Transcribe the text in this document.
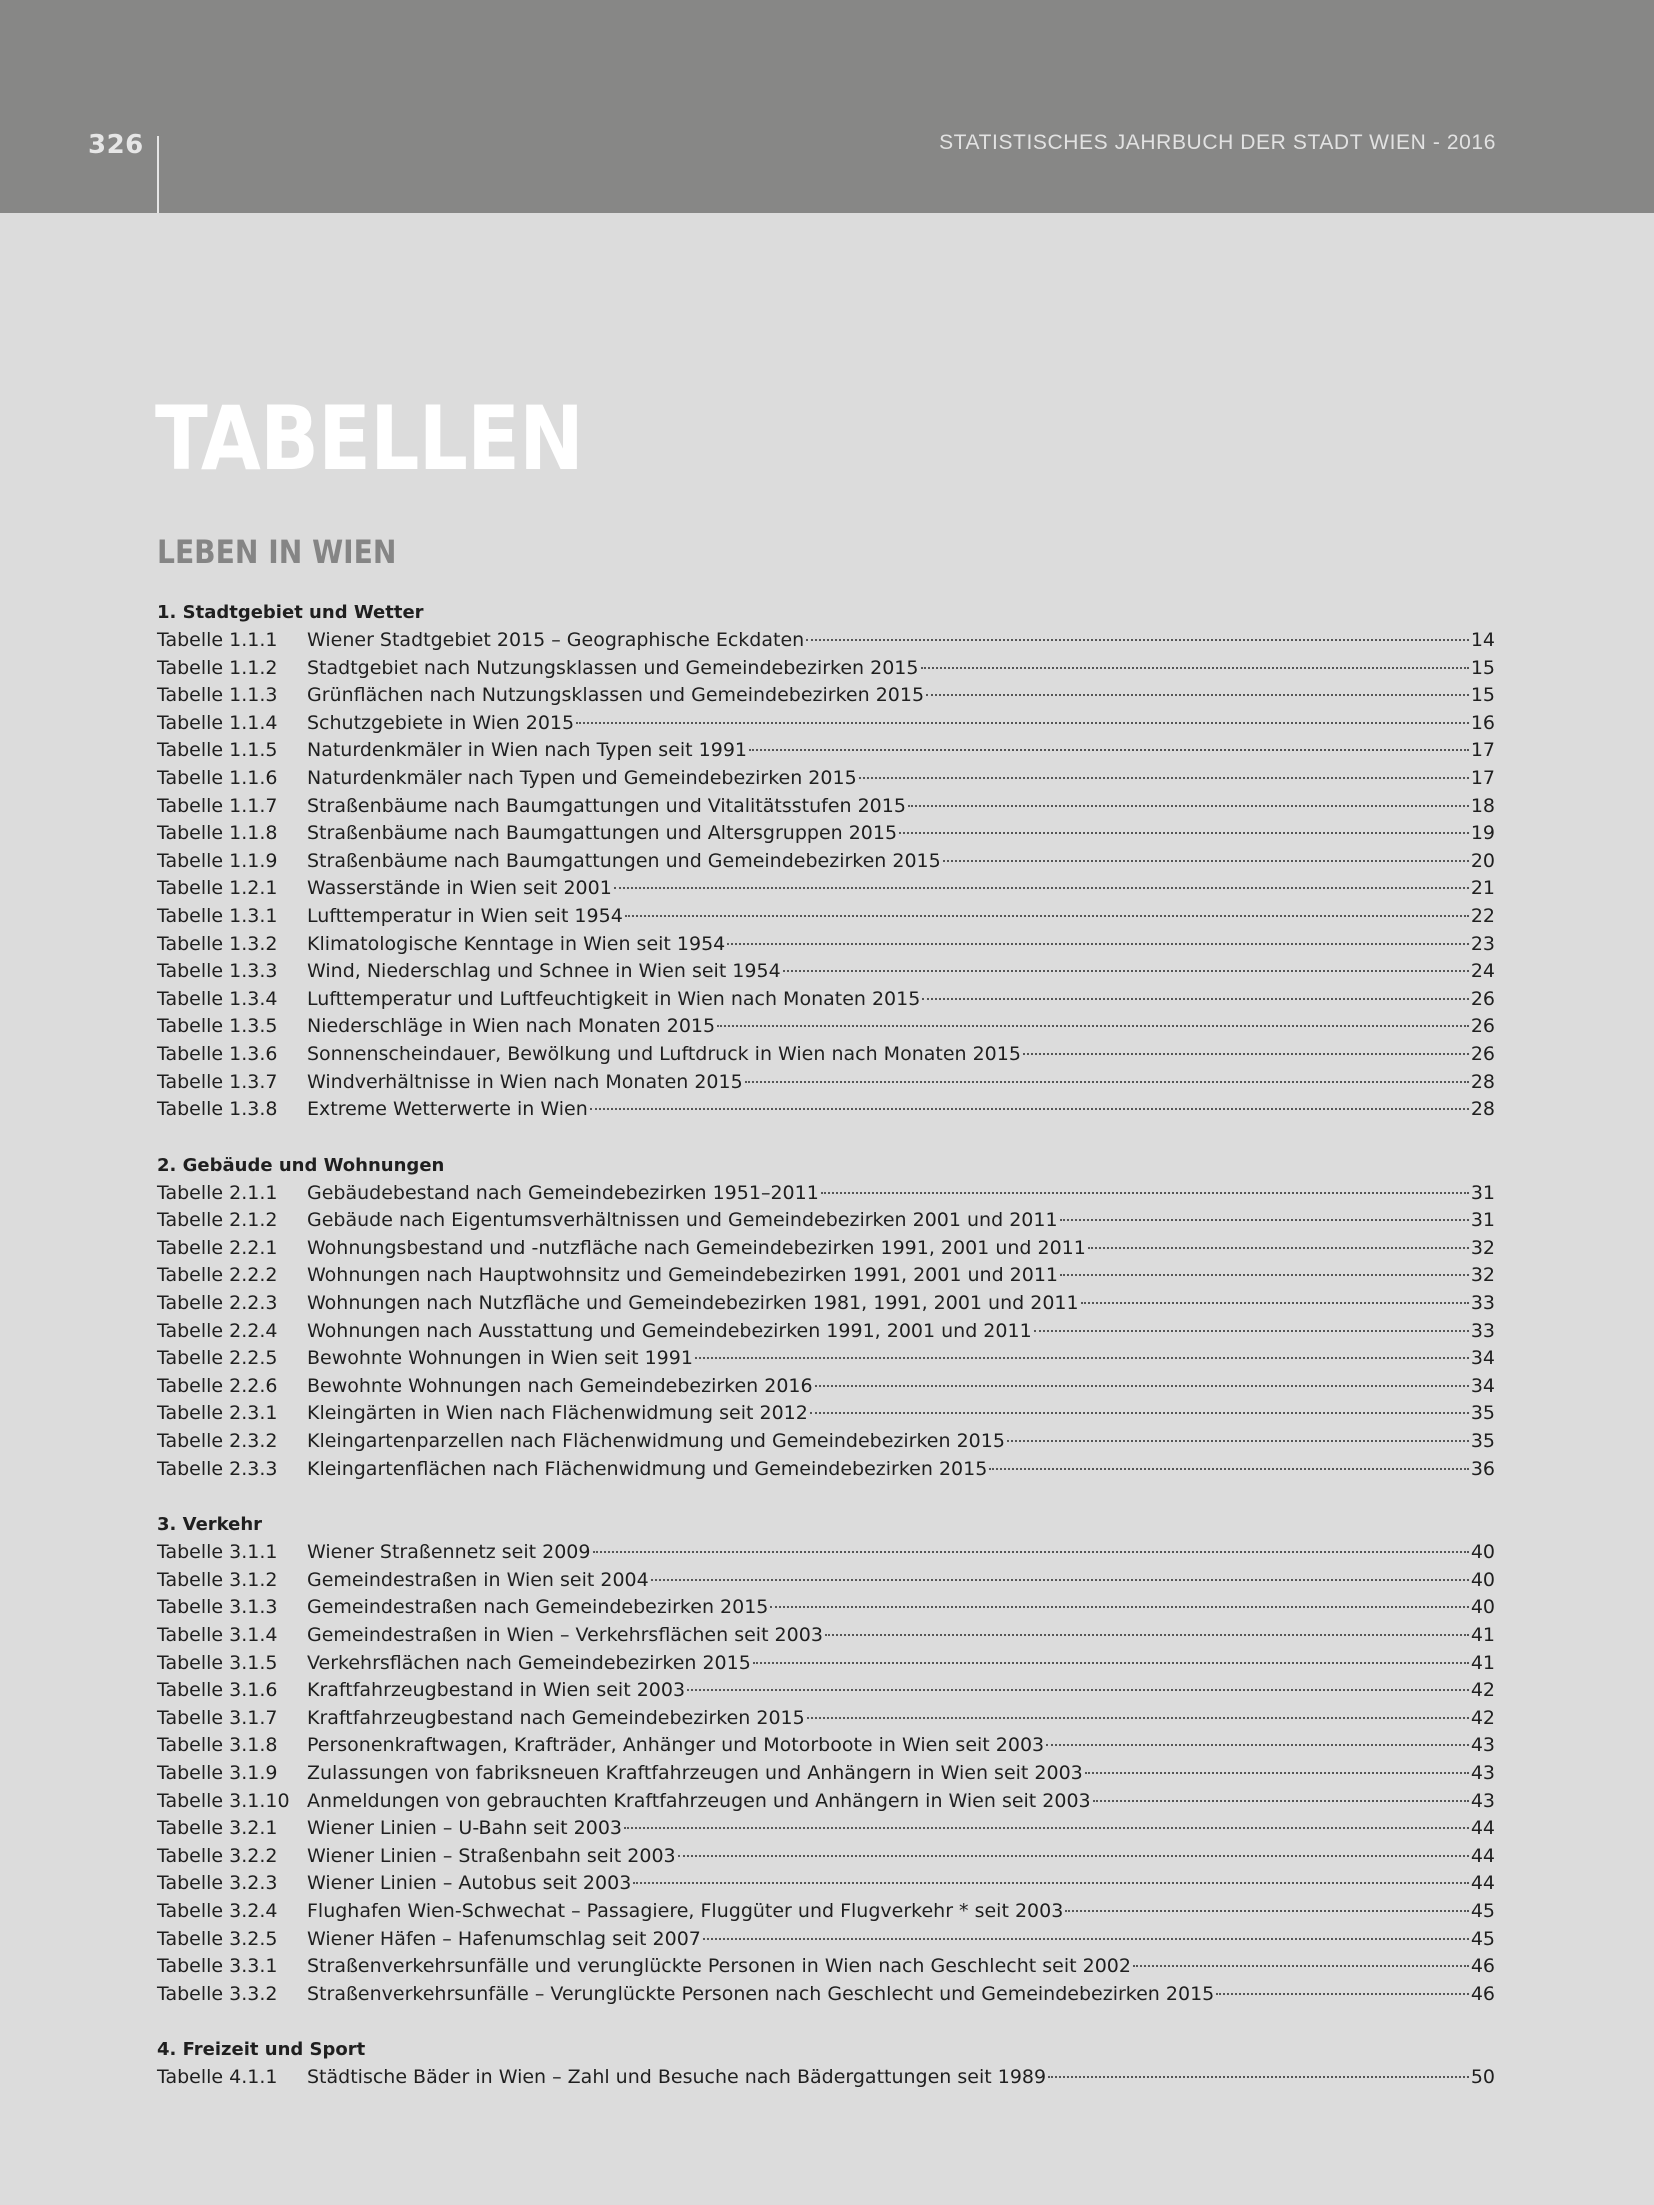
326	STATISTISCHES JAHRBUCH DER STADT WIEN - 2016
TABELLEN
LEBEN IN WIEN
1. Stadtgebiet und Wetter
Tabelle 1.1.1	Wiener Stadtgebiet 2015 – Geographische Eckdaten	14
Tabelle 1.1.2	Stadtgebiet nach Nutzungsklassen und Gemeindebezirken 2015	15
Tabelle 1.1.3	Grünflächen nach Nutzungsklassen und Gemeindebezirken 2015	15
Tabelle 1.1.4	Schutzgebiete in Wien 2015	16
Tabelle 1.1.5	Naturdenkmäler in Wien nach Typen seit 1991	17
Tabelle 1.1.6	Naturdenkmäler nach Typen und Gemeindebezirken 2015	17
Tabelle 1.1.7	Straßenbäume nach Baumgattungen und Vitalitätsstufen 2015	18
Tabelle 1.1.8	Straßenbäume nach Baumgattungen und Altersgruppen 2015	19
Tabelle 1.1.9	Straßenbäume nach Baumgattungen und Gemeindebezirken 2015	20
Tabelle 1.2.1	Wasserstände in Wien seit 2001	21
Tabelle 1.3.1	Lufttemperatur in Wien seit 1954	22
Tabelle 1.3.2	Klimatologische Kenntage in Wien seit 1954	23
Tabelle 1.3.3	Wind, Niederschlag und Schnee in Wien seit 1954	24
Tabelle 1.3.4	Lufttemperatur und Luftfeuchtigkeit in Wien nach Monaten 2015	26
Tabelle 1.3.5	Niederschläge in Wien nach Monaten 2015	26
Tabelle 1.3.6	Sonnenscheindauer, Bewölkung und Luftdruck in Wien nach Monaten 2015	26
Tabelle 1.3.7	Windverhältnisse in Wien nach Monaten 2015	28
Tabelle 1.3.8	Extreme Wetterwerte in Wien	28
2. Gebäude und Wohnungen
Tabelle 2.1.1	Gebäudebestand nach Gemeindebezirken 1951–2011	31
Tabelle 2.1.2	Gebäude nach Eigentumsverhältnissen und Gemeindebezirken 2001 und 2011	31
Tabelle 2.2.1	Wohnungsbestand und -nutzfläche nach Gemeindebezirken 1991, 2001 und 2011	32
Tabelle 2.2.2	Wohnungen nach Hauptwohnsitz und Gemeindebezirken 1991, 2001 und 2011	32
Tabelle 2.2.3	Wohnungen nach Nutzfläche und Gemeindebezirken 1981, 1991, 2001 und 2011	33
Tabelle 2.2.4	Wohnungen nach Ausstattung und Gemeindebezirken 1991, 2001 und 2011	33
Tabelle 2.2.5	Bewohnte Wohnungen in Wien seit 1991	34
Tabelle 2.2.6	Bewohnte Wohnungen nach Gemeindebezirken 2016	34
Tabelle 2.3.1	Kleingärten in Wien nach Flächenwidmung seit 2012	35
Tabelle 2.3.2	Kleingartenparzellen nach Flächenwidmung und Gemeindebezirken 2015	35
Tabelle 2.3.3	Kleingartenflächen nach Flächenwidmung und Gemeindebezirken 2015	36
3. Verkehr
Tabelle 3.1.1	Wiener Straßennetz seit 2009	40
Tabelle 3.1.2	Gemeindestraßen in Wien seit 2004	40
Tabelle 3.1.3	Gemeindestraßen nach Gemeindebezirken 2015	40
Tabelle 3.1.4	Gemeindestraßen in Wien – Verkehrsflächen seit 2003	41
Tabelle 3.1.5	Verkehrsflächen nach Gemeindebezirken 2015	41
Tabelle 3.1.6	Kraftfahrzeugbestand in Wien seit 2003	42
Tabelle 3.1.7	Kraftfahrzeugbestand nach Gemeindebezirken 2015	42
Tabelle 3.1.8	Personenkraftwagen, Krafträder, Anhänger und Motorboote in Wien seit 2003	43
Tabelle 3.1.9	Zulassungen von fabriksneuen Kraftfahrzeugen und Anhängern in Wien seit 2003	43
Tabelle 3.1.10 Anmeldungen von gebrauchten Kraftfahrzeugen und Anhängern in Wien seit 2003	43
Tabelle 3.2.1	Wiener Linien – U-Bahn seit 2003	44
Tabelle 3.2.2	Wiener Linien – Straßenbahn seit 2003	44
Tabelle 3.2.3	Wiener Linien – Autobus seit 2003	44
Tabelle 3.2.4	Flughafen Wien-Schwechat – Passagiere, Fluggüter und Flugverkehr * seit 2003	45
Tabelle 3.2.5	Wiener Häfen – Hafenumschlag seit 2007	45
Tabelle 3.3.1	Straßenverkehrsunfälle und verunglückte Personen in Wien nach Geschlecht seit 2002	46
Tabelle 3.3.2	Straßenverkehrsunfälle – Verunglückte Personen nach Geschlecht und Gemeindebezirken 2015	46
4. Freizeit und Sport
Tabelle 4.1.1	Städtische Bäder in Wien – Zahl und Besuche nach Bädergattungen seit 1989	50
